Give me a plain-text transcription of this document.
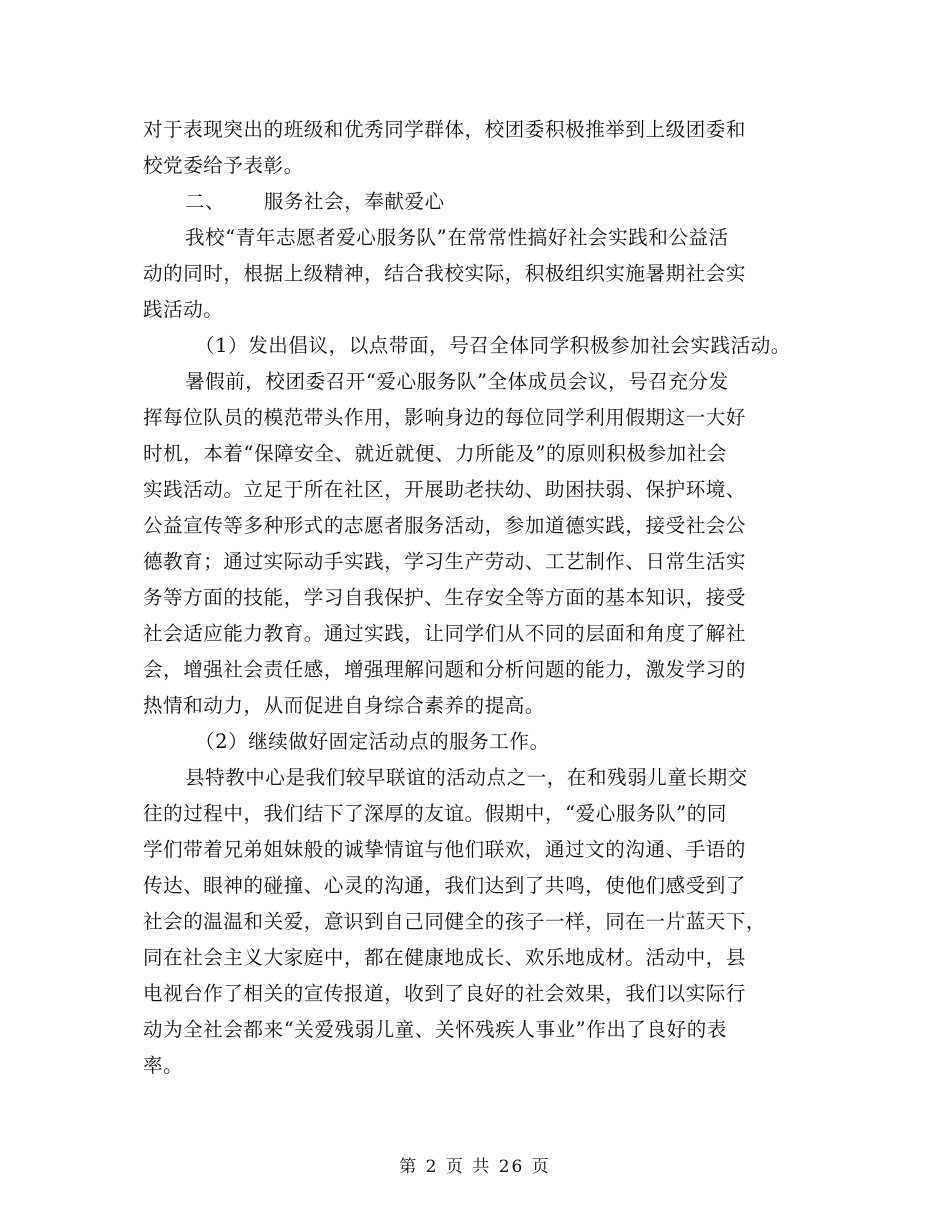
对于表现突出的班级和优秀同学群体，校团委积极推举到上级团委和
校党委给予表彰。
二、 服务社会，奉献爱心
我校“青年志愿者爱心服务队”在常常性搞好社会实践和公益活
动的同时，根据上级精神，结合我校实际，积极组织实施暑期社会实
践活动。
（1）发出倡议，以点带面，号召全体同学积极参加社会实践活动。
暑假前，校团委召开“爱心服务队”全体成员会议，号召充分发
挥每位队员的模范带头作用，影响身边的每位同学利用假期这一大好
时机，本着“保障安全、就近就便、力所能及”的原则积极参加社会
实践活动。立足于所在社区，开展助老扶幼、助困扶弱、保护环境、
公益宣传等多种形式的志愿者服务活动，参加道德实践，接受社会公
德教育；通过实际动手实践，学习生产劳动、工艺制作、日常生活实
务等方面的技能，学习自我保护、生存安全等方面的基本知识，接受
社会适应能力教育。通过实践，让同学们从不同的层面和角度了解社
会，增强社会责任感，增强理解问题和分析问题的能力，激发学习的
热情和动力，从而促进自身综合素养的提高。
（2）继续做好固定活动点的服务工作。
县特教中心是我们较早联谊的活动点之一，在和残弱儿童长期交
往的过程中，我们结下了深厚的友谊。假期中，“爱心服务队”的同
学们带着兄弟姐妹般的诚挚情谊与他们联欢，通过文的沟通、手语的
传达、眼神的碰撞、心灵的沟通，我们达到了共鸣，使他们感受到了
社会的温温和关爱，意识到自己同健全的孩子一样，同在一片蓝天下，
同在社会主义大家庭中，都在健康地成长、欢乐地成材。活动中，县
电视台作了相关的宣传报道，收到了良好的社会效果，我们以实际行
动为全社会都来“关爱残弱儿童、关怀残疾人事业”作出了良好的表
率。
第 2 页 共 26 页
